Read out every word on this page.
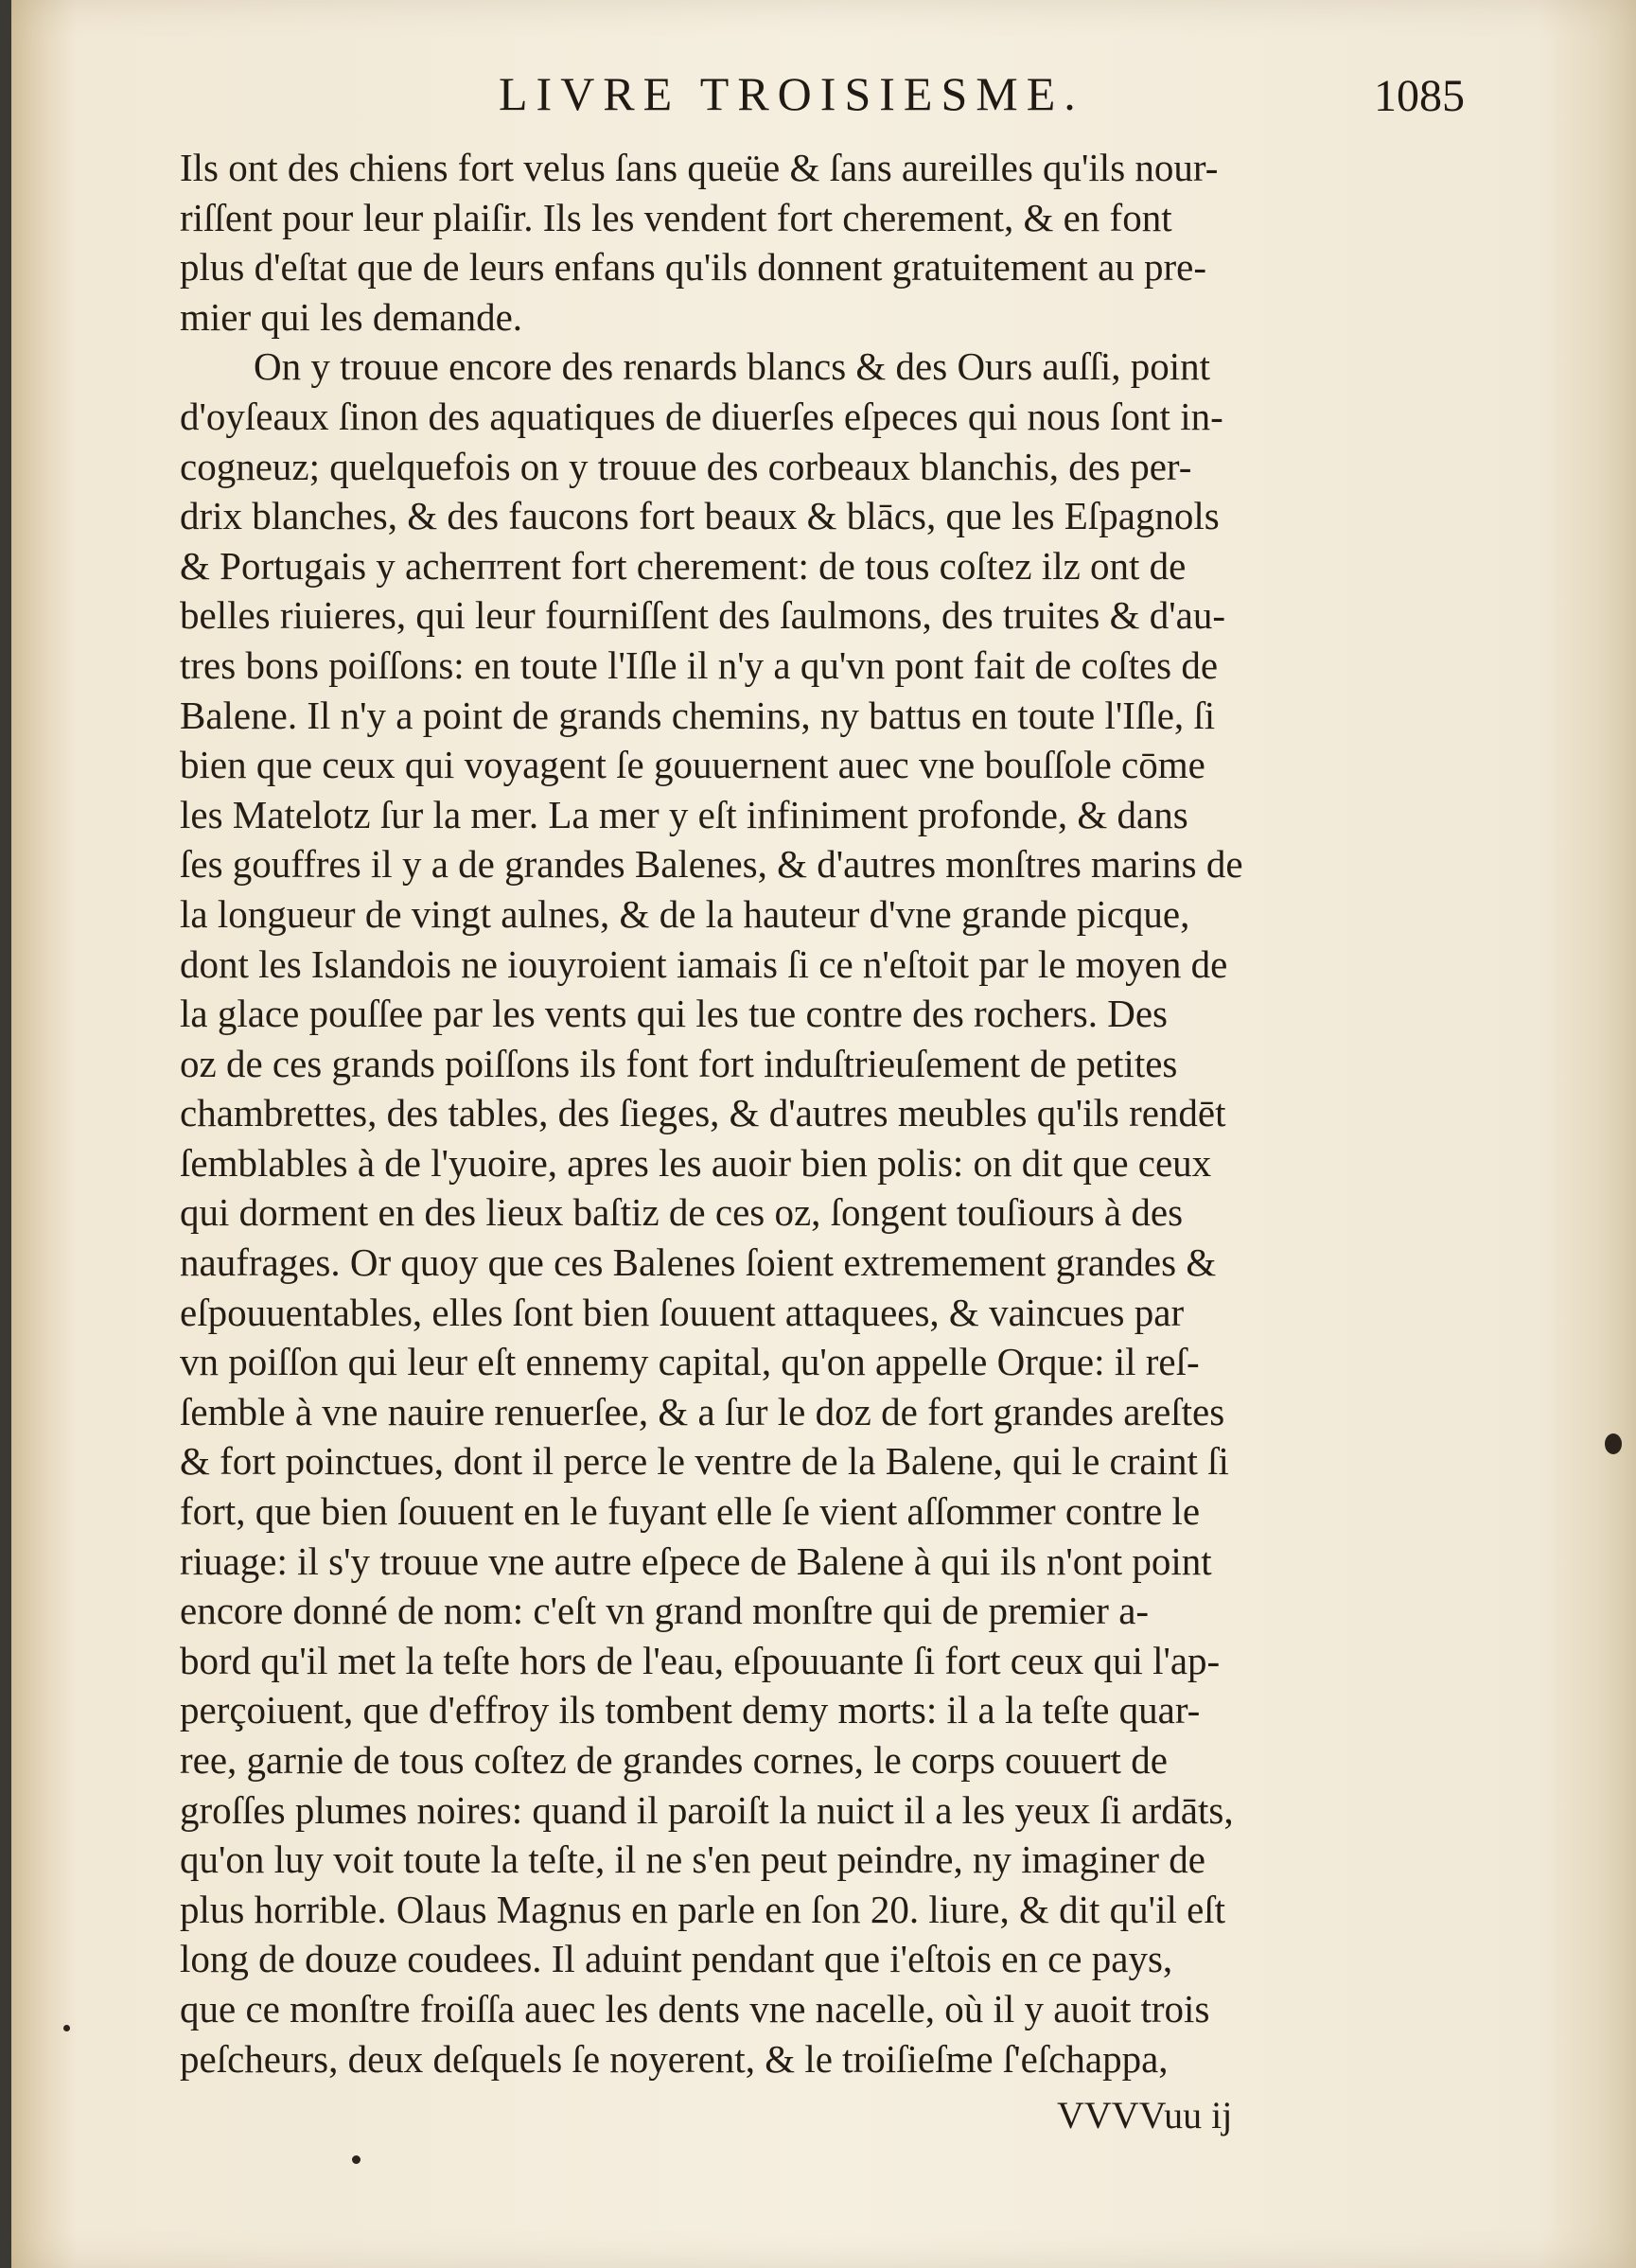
LIVRE TROISIESME.	1085
Ils ont des chiens fort velus ſans queüe & ſans aureilles qu'ils nour-
riſſent pour leur plaiſir. Ils les vendent fort cherement, & en font
plus d'eſtat que de leurs enfans qu'ils donnent gratuitement au pre-
mier qui les demande.
On y trouue encore des renards blancs & des Ours auſſi, point
d'oyſeaux ſinon des aquatiques de diuerſes eſpeces qui nous ſont in-
cogneuz; quelquefois on y trouue des corbeaux blanchis, des per-
drix blanches, & des faucons fort beaux & blācs, que les Eſpagnols
& Portugais y achептent fort cherement: de tous coſtez ilz ont de
belles riuieres, qui leur fourniſſent des ſaulmons, des truites & d'au-
tres bons poiſſons: en toute l'Iſle il n'y a qu'vn pont fait de coſtes de
Balene. Il n'y a point de grands chemins, ny battus en toute l'Iſle, ſi
bien que ceux qui voyagent ſe gouuernent auec vne bouſſole cōme
les Matelotz ſur la mer. La mer y eſt infiniment profonde, & dans
ſes gouffres il y a de grandes Balenes, & d'autres monſtres marins de
la longueur de vingt aulnes, & de la hauteur d'vne grande picque,
dont les Islandois ne iouyroient iamais ſi ce n'eſtoit par le moyen de
la glace pouſſee par les vents qui les tue contre des rochers. Des
oz de ces grands poiſſons ils font fort induſtrieuſement de petites
chambrettes, des tables, des ſieges, & d'autres meubles qu'ils rendēt
ſemblables à de l'yuoire, apres les auoir bien polis: on dit que ceux
qui dorment en des lieux baſtiz de ces oz, ſongent touſiours à des
naufrages. Or quoy que ces Balenes ſoient extremement grandes &
eſpouuentables, elles ſont bien ſouuent attaquees, & vaincues par
vn poiſſon qui leur eſt ennemy capital, qu'on appelle Orque: il reſ-
ſemble à vne nauire renuerſee, & a ſur le doz de fort grandes areſtes
& fort poinctues, dont il perce le ventre de la Balene, qui le craint ſi
fort, que bien ſouuent en le fuyant elle ſe vient aſſommer contre le
riuage: il s'y trouue vne autre eſpece de Balene à qui ils n'ont point
encore donné de nom: c'eſt vn grand monſtre qui de premier a-
bord qu'il met la teſte hors de l'eau, eſpouuante ſi fort ceux qui l'ap-
perçoiuent, que d'effroy ils tombent demy morts: il a la teſte quar-
ree, garnie de tous coſtez de grandes cornes, le corps couuert de
groſſes plumes noires: quand il paroiſt la nuict il a les yeux ſi ardāts,
qu'on luy voit toute la teſte, il ne s'en peut peindre, ny imaginer de
plus horrible. Olaus Magnus en parle en ſon 20. liure, & dit qu'il eſt
long de douze coudees. Il aduint pendant que i'eſtois en ce pays,
que ce monſtre froiſſa auec les dents vne nacelle, où il y auoit trois
peſcheurs, deux deſquels ſe noyerent, & le troiſieſme ſ'eſchappa,
VVVVuu ij
